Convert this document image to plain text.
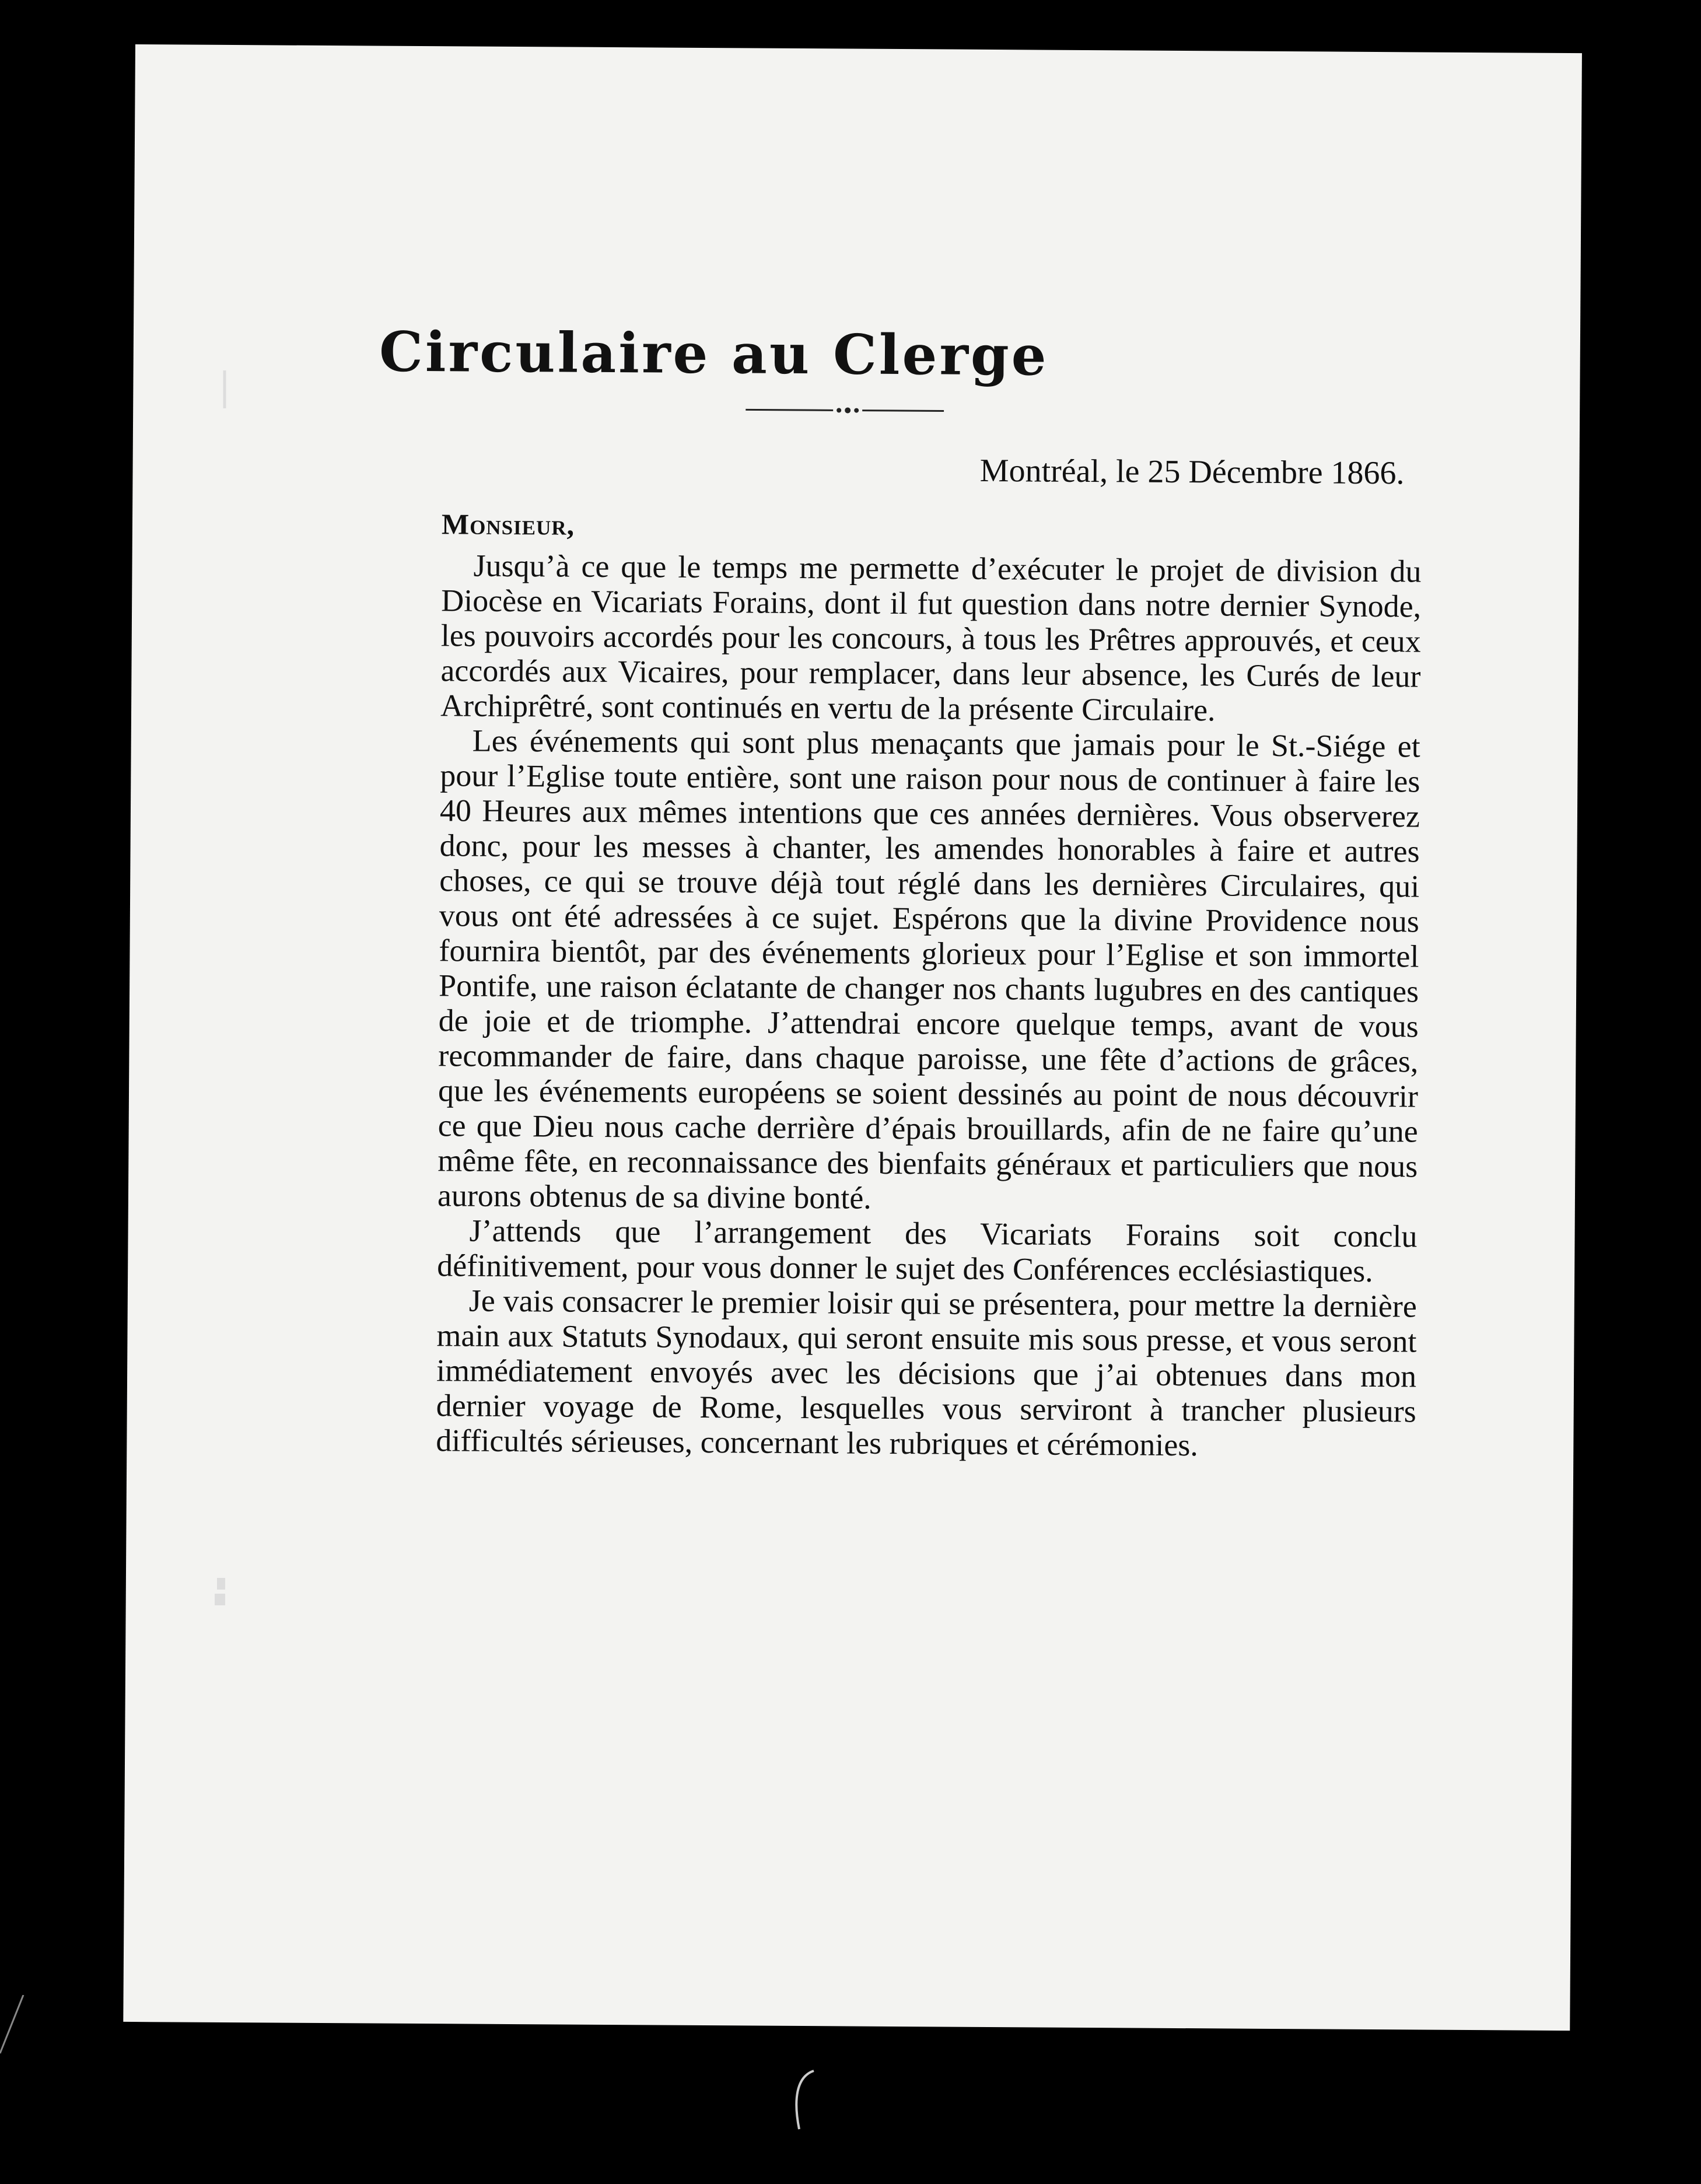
Circulaire au Clerge
Montréal, le 25 Décembre 1866.
Monsieur,

Jusqu’à ce que le temps me permette d’exécuter le projet de division du Diocèse en Vicariats Forains, dont il fut question dans notre dernier Synode, les pouvoirs accordés pour les concours, à tous les Prêtres approuvés, et ceux accordés aux Vicaires, pour remplacer, dans leur absence, les Curés de leur Archiprêtré, sont continués en vertu de la présente Circulaire.

Les événements qui sont plus menaçants que jamais pour le St.-Siége et pour l’Eglise toute entière, sont une raison pour nous de continuer à faire les 40 Heures aux mêmes intentions que ces années dernières. Vous observerez donc, pour les messes à chanter, les amendes honorables à faire et autres choses, ce qui se trouve déjà tout réglé dans les dernières Circulaires, qui vous ont été adressées à ce sujet. Espérons que la divine Providence nous fournira bientôt, par des événements glorieux pour l’Eglise et son immortel Pontife, une raison éclatante de changer nos chants lugubres en des cantiques de joie et de triomphe. J’attendrai encore quelque temps, avant de vous recommander de faire, dans chaque paroisse, une fête d’actions de grâces, que les événements européens se soient dessinés au point de nous découvrir ce que Dieu nous cache derrière d’épais brouillards, afin de ne faire qu’une même fête, en reconnaissance des bienfaits généraux et particuliers que nous aurons obtenus de sa divine bonté.

J’attends que l’arrangement des Vicariats Forains soit conclu définitivement, pour vous donner le sujet des Conférences ecclésiastiques.

Je vais consacrer le premier loisir qui se présentera, pour mettre la dernière main aux Statuts Synodaux, qui seront ensuite mis sous presse, et vous seront immédiatement envoyés avec les décisions que j’ai obtenues dans mon dernier voyage de Rome, lesquelles vous serviront à trancher plusieurs difficultés sérieuses, concernant les rubriques et cérémonies.
